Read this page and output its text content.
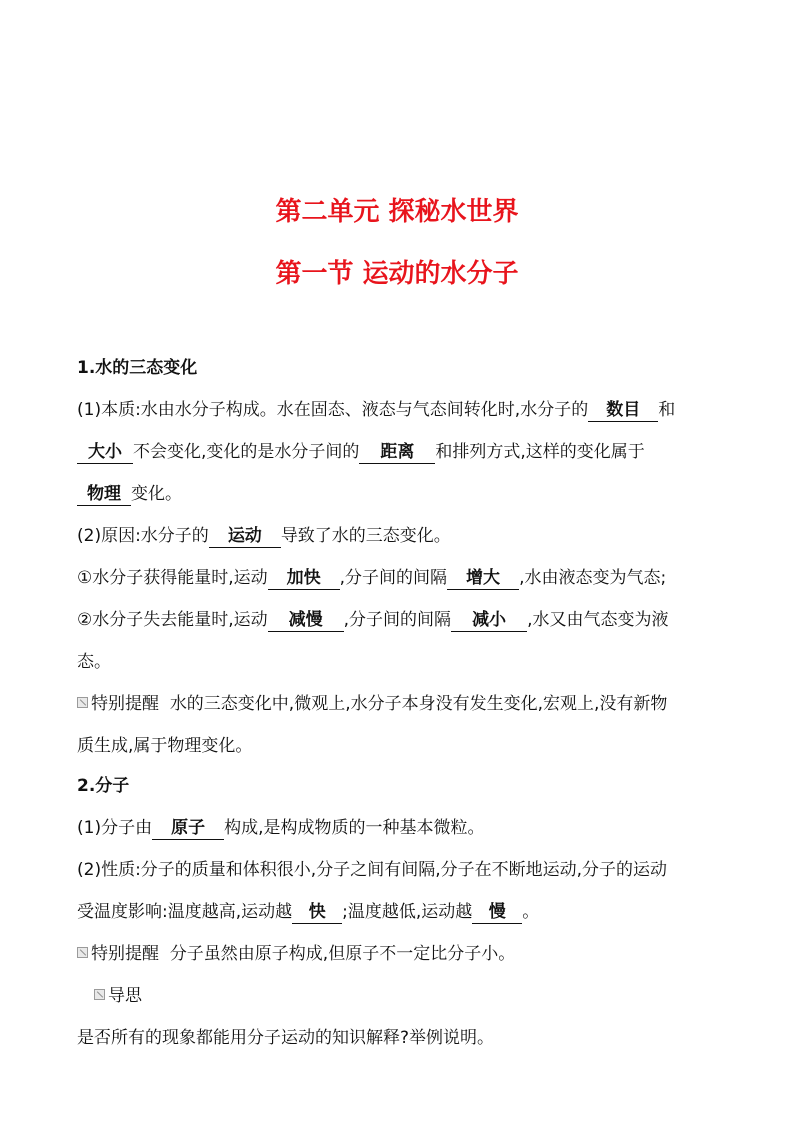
第二单元 探秘水世界
第一节 运动的水分子
1.水的三态变化
(1)本质:水由水分子构成。水在固态、液态与气态间转化时,水分子的 数目 和
大小 不会变化,变化的是水分子间的 距离 和排列方式,这样的变化属于
物理 变化。
(2)原因:水分子的 运动 导致了水的三态变化。
①水分子获得能量时,运动 加快 ,分子间的间隔 增大 ,水由液态变为气态;
②水分子失去能量时,运动 减慢 ,分子间的间隔 减小 ,水又由气态变为液
态。
特别提醒 水的三态变化中,微观上,水分子本身没有发生变化,宏观上,没有新物
质生成,属于物理变化。
2.分子
(1)分子由 原子 构成,是构成物质的一种基本微粒。
(2)性质:分子的质量和体积很小,分子之间有间隔,分子在不断地运动,分子的运动
受温度影响:温度越高,运动越 快 ;温度越低,运动越 慢 。
特别提醒 分子虽然由原子构成,但原子不一定比分子小。
导思
是否所有的现象都能用分子运动的知识解释?举例说明。
